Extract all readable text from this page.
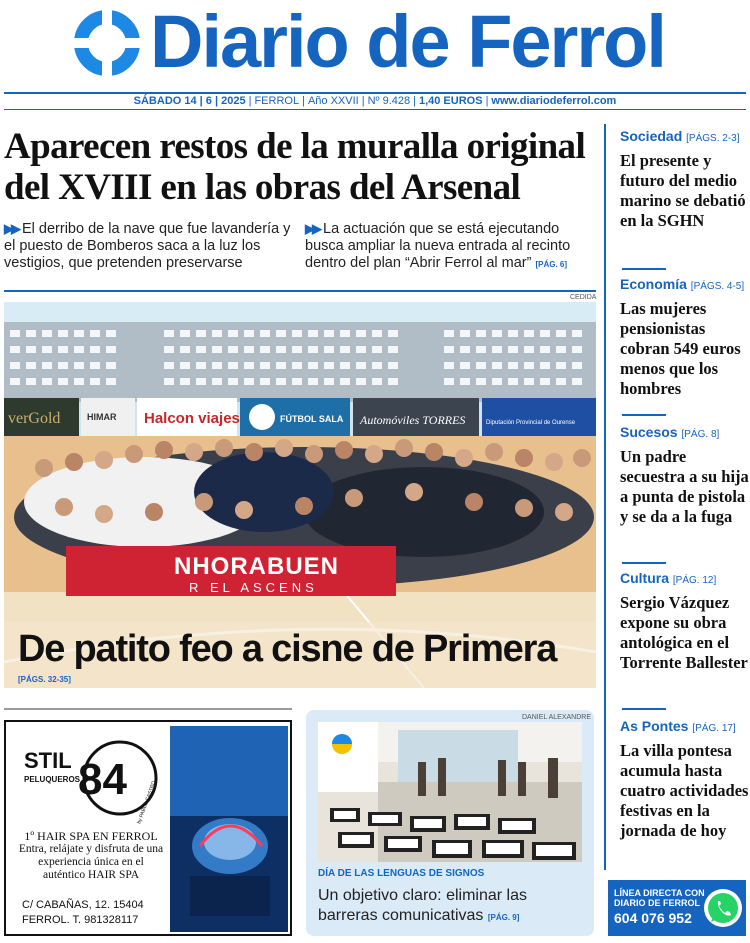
Diario de Ferrol
SÁBADO 14 | 6 | 2025 | FERROL | Año XXVII | Nº 9.428 | 1,40 EUROS | www.diariodeferrol.com
Aparecen restos de la muralla original del XVIII en las obras del Arsenal

▶▶ El derribo de la nave que fue lavandería y el puesto de Bomberos saca a la luz los vestigios, que pretenden preservarse

▶▶ La actuación que se está ejecutando busca ampliar la nueva entrada al recinto dentro del plan “Abrir Ferrol al mar” [PÁG. 6]

CEDIDA
verGold	HIMAR Halcon viajes	FÚTBOL SALA Automóviles TORRES	Diputación Provincial de Ourense
NHORABUEN
R EL ASCENS
De patito feo a cisne de Primera
[PÁGS. 32-35]
Sociedad [PÁGS. 2-3]
El presente y futuro del medio marino se debatió en la SGHN
Economía [PÁGS. 4-5]
Las mujeres pensionistas cobran 549 euros menos que los hombres
Sucesos [PÁG. 8]
Un padre secuestra a su hija a punta de pistola y se da a la fuga
Cultura [PÁG. 12]
Sergio Vázquez expone su obra antológica en el Torrente Ballester
As Pontes [PÁG. 17]
La villa pontesa acumula hasta cuatro actividades festivas en la jornada de hoy
STIL
PELUQUEROS
84 by PABLO CASTRO
1º HAIR SPA EN FERROL
Entra, relájate y disfruta de una experiencia única en el auténtico HAIR SPA
C/ CABAÑAS, 12. 15404
FERROL. T. 981328117
DANIEL ALEXANDRE
DÍA DE LAS LENGUAS DE SIGNOS
Un objetivo claro: eliminar las barreras comunicativas [PÁG. 9]
LÍNEA DIRECTA CON
DIARIO DE FERROL
604 076 952
